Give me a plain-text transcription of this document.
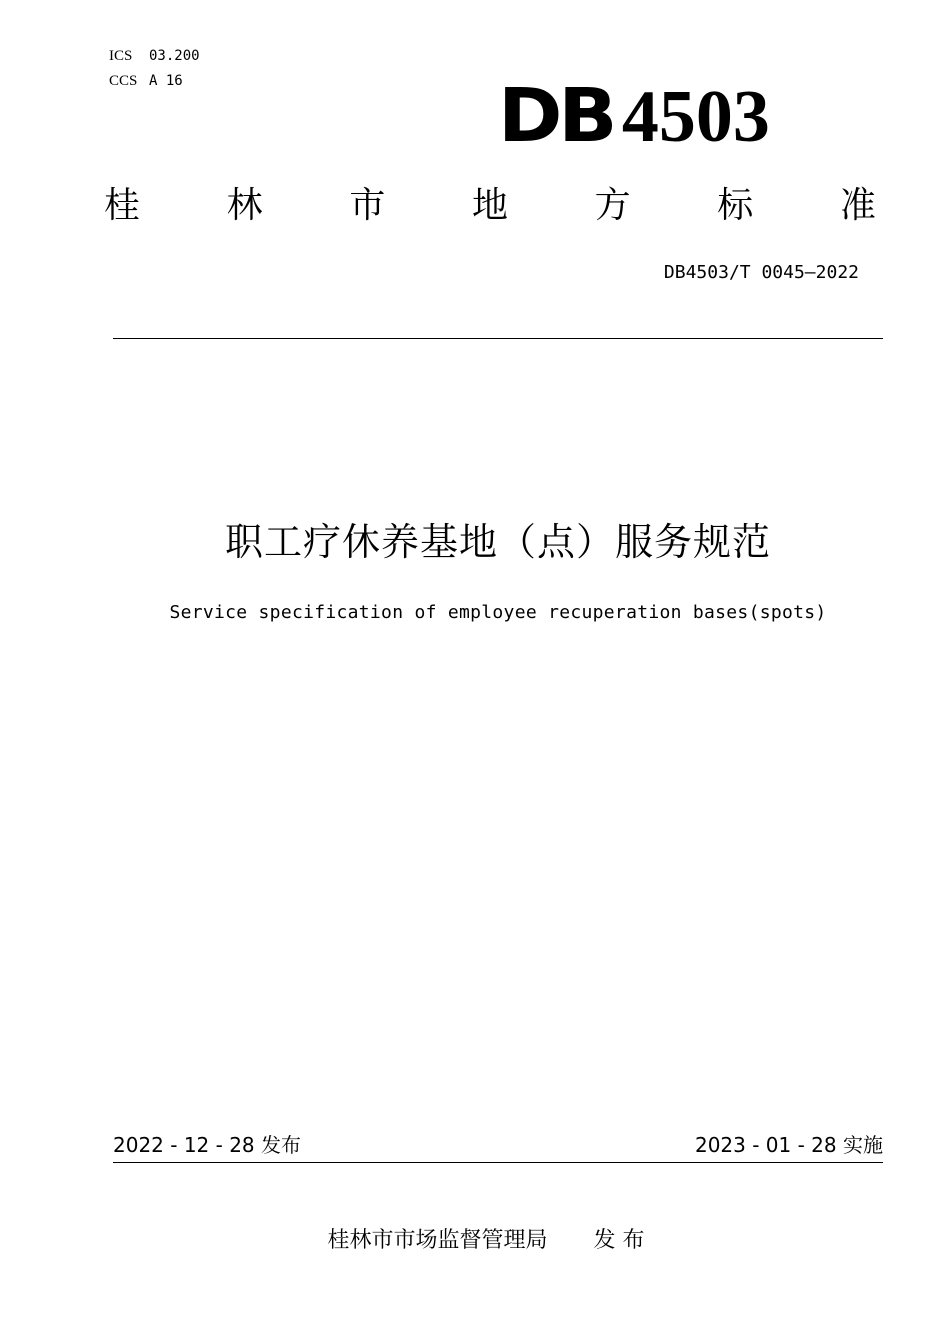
ICS 03.200
CCS A 16	DB 4503
桂 林 市 地 方 标 准
DB4503/T 0045—2022
职工疗休养基地（点）服务规范
Service specification of employee recuperation bases(spots)
2022 - 12 - 28 发布	2023 - 01 - 28 实施
桂林市市场监督管理局 发 布
